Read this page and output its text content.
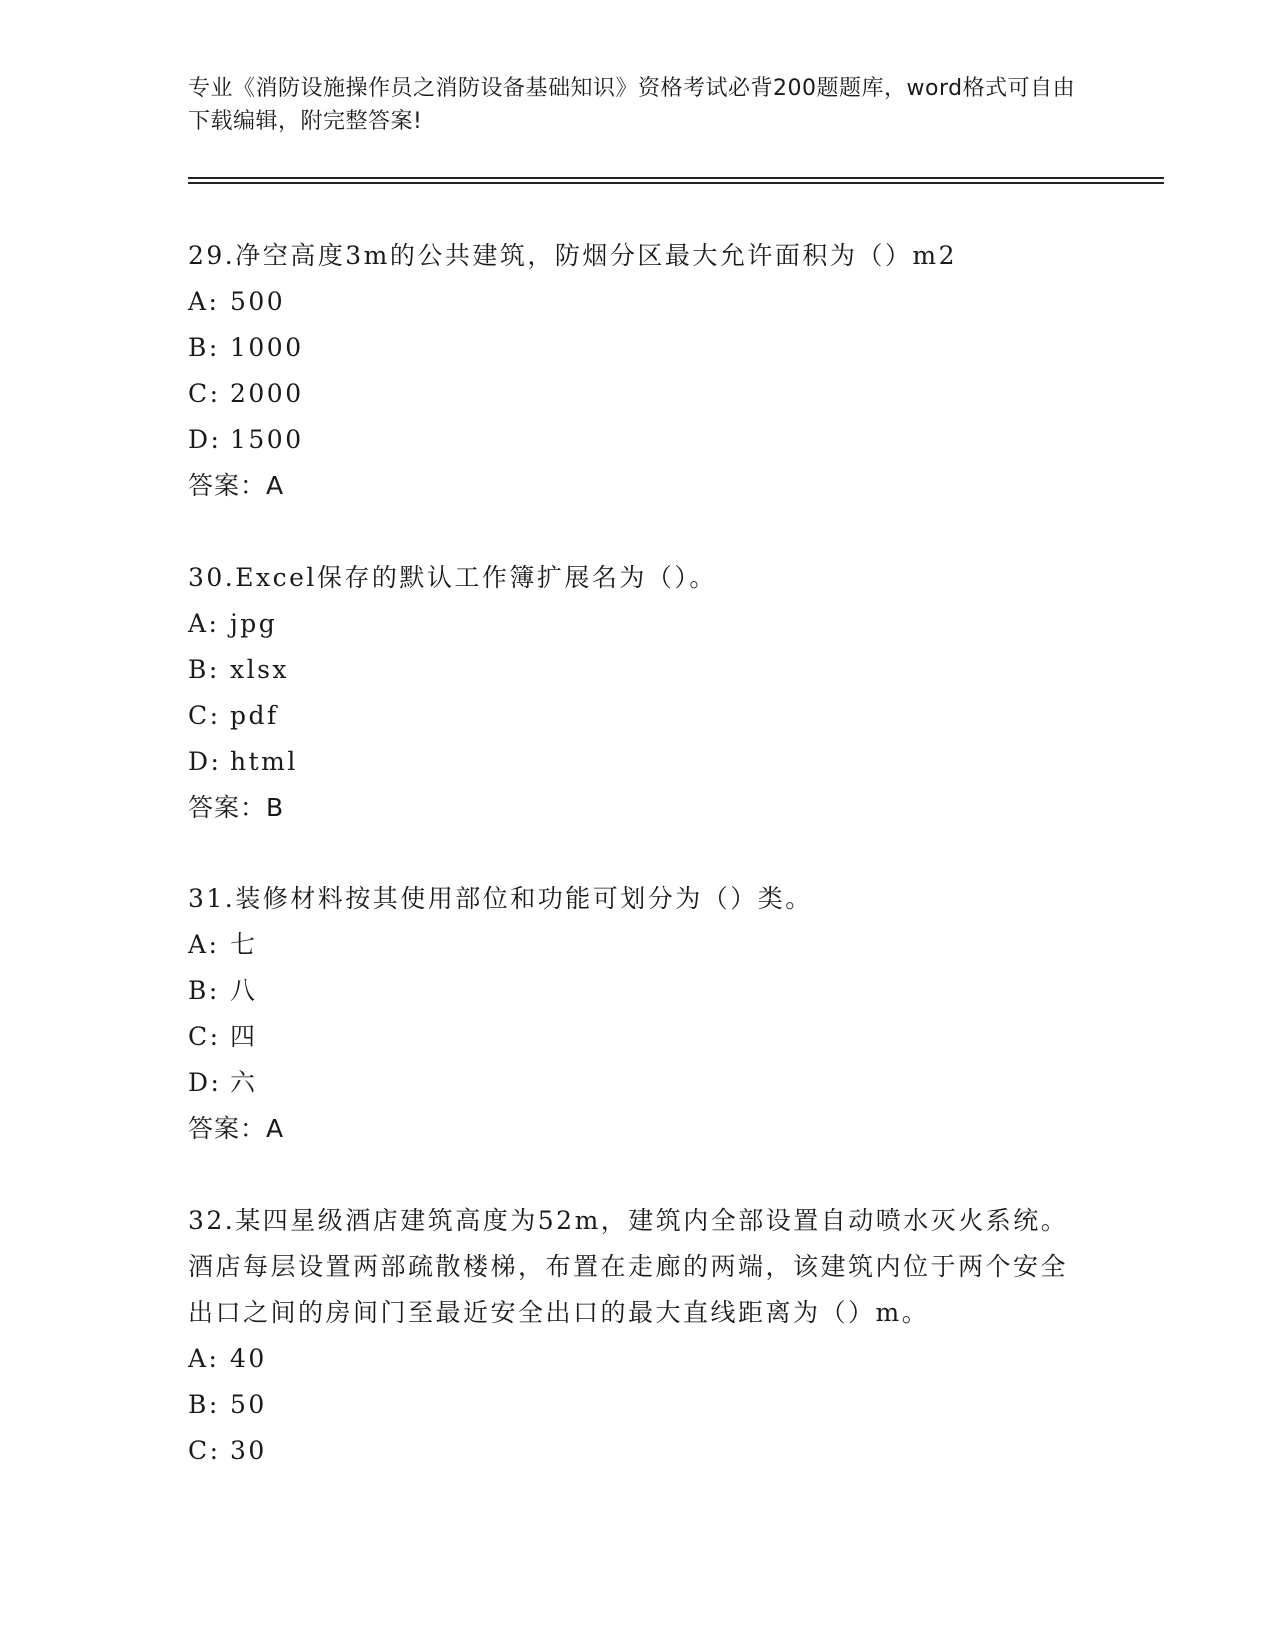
专业《消防设施操作员之消防设备基础知识》资格考试必背200题题库，word格式可自由下载编辑，附完整答案!

29.净空高度3m的公共建筑，防烟分区最大允许面积为（）m2

A: 500

B: 1000

C: 2000

D: 1500

答案：A

30.Excel保存的默认工作簿扩展名为（）。

A: jpg

B: xlsx

C: pdf

D: html

答案：B

31.装修材料按其使用部位和功能可划分为（）类。

A: 七

B: 八

C: 四

D: 六

答案：A

32.某四星级酒店建筑高度为52m，建筑内全部设置自动喷水灭火系统。酒店每层设置两部疏散楼梯，布置在走廊的两端，该建筑内位于两个安全出口之间的房间门至最近安全出口的最大直线距离为（）m。

A: 40

B: 50

C: 30
